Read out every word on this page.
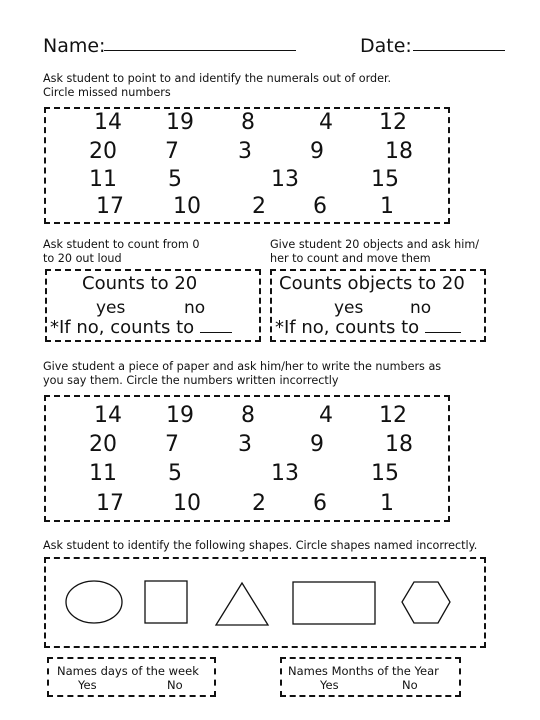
Name:	Date:
Ask student to point to and identify the numerals out of order.
Circle missed numbers
14 19 8	4 12
20 7	3	9	18
11 5	13	15
17 10 2 6 1
Ask student to count from 0
to 20 out loud
Give student 20 objects and ask him/
her to count and move them
Counts to 20
yes	no
*If no, counts to
Counts objects to 20
yes	no
*If no, counts to
Give student a piece of paper and ask him/her to write the numbers as
you say them. Circle the numbers written incorrectly
14 19 8	4 12
20 7	3	9	18
11 5	13	15
17 10 2 6 1
Ask student to identify the following shapes. Circle shapes named incorrectly.
Names days of the week
Yes	No
Names Months of the Year
Yes	No
